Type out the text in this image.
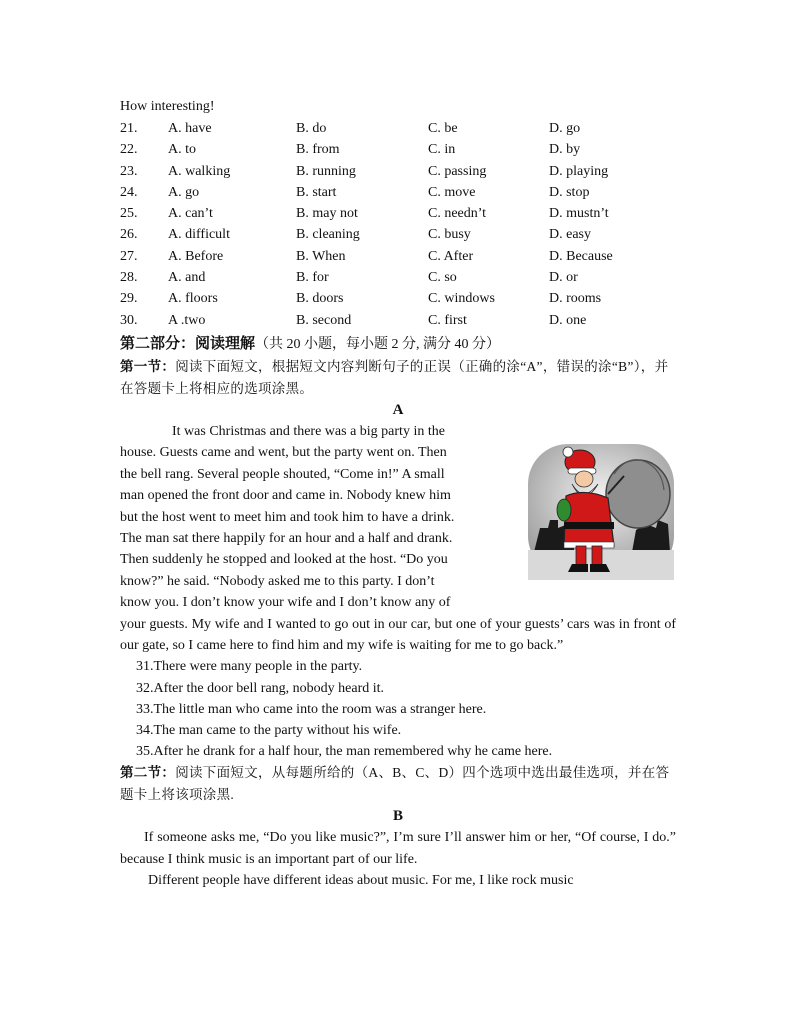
How interesting!
21. A. have	B. do	C. be	D. go
22. A. to	B. from	C. in	D. by
23. A. walking	B. running	C. passing	D. playing
24. A. go	B. start	C. move	D. stop
25. A. can’t	B. may not	C. needn’t	D. mustn’t
26. A. difficult	B. cleaning	C. busy	D. easy
27. A. Before	B. When	C. After	D. Because
28. A. and	B. for	C. so	D. or
29. A. floors	B. doors	C. windows	D. rooms
30. A .two	B. second	C. first	D. one
第二部分：阅读理解（共 20 小题，每小题 2 分, 满分 40 分）
第一节：阅读下面短文，根据短文内容判断句子的正误（正确的涂“A”，错误的涂“B”），并在答题卡上将相应的选项涂黑。
A
It was Christmas and there was a big party in the
house. Guests came and went, but the party went on. Then
the bell rang. Several people shouted, “Come in!” A small
man opened the front door and came in. Nobody knew him
but the host went to meet him and took him to have a drink.
The man sat there happily for an hour and a half and drank.
Then suddenly he stopped and looked at the host. “Do you
know?” he said. “Nobody asked me to this party. I don’t
know you. I don’t know your wife and I don’t know any of
your guests. My wife and I wanted to go out in our car, but one of your guests’ cars was in front of our gate, so I came here to find him and my wife is waiting for me to go back.”
31.There were many people in the party.
32.After the door bell rang, nobody heard it.
33.The little man who came into the room was a stranger here.
34.The man came to the party without his wife.
35.After he drank for a half hour, the man remembered why he came here.
第二节：阅读下面短文，从每题所给的（A、B、C、D）四个选项中选出最佳选项，并在答题卡上将该项涂黑.
B
If someone asks me, “Do you like music?”, I’m sure I’ll answer him or her, “Of course, I do.” because I think music is an important part of our life.
Different people have different ideas about music. For me, I like rock music
